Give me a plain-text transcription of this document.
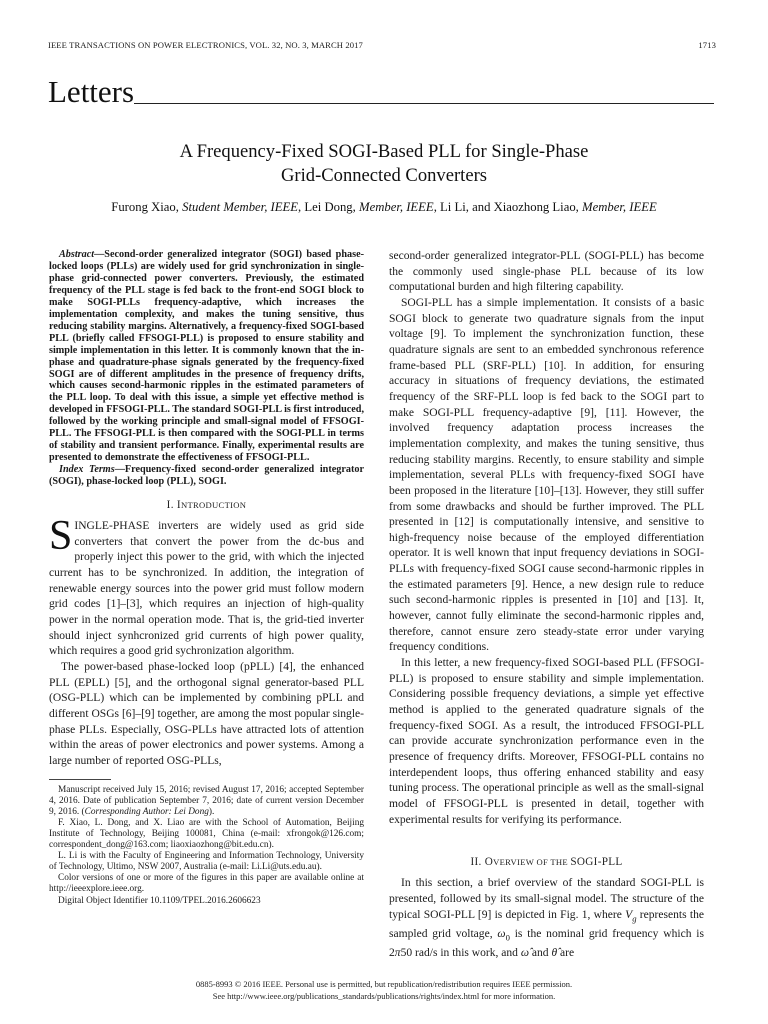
IEEE TRANSACTIONS ON POWER ELECTRONICS, VOL. 32, NO. 3, MARCH 2017	1713
Letters
A Frequency-Fixed SOGI-Based PLL for Single-Phase
Grid-Connected Converters
Furong Xiao, Student Member, IEEE, Lei Dong, Member, IEEE, Li Li, and Xiaozhong Liao, Member, IEEE

Abstract—Second-order generalized integrator (SOGI) based phase-locked loops (PLLs) are widely used for grid synchronization in single-phase grid-connected power converters. Previously, the estimated frequency of the PLL stage is fed back to the front-end SOGI block to make SOGI-PLLs frequency-adaptive, which increases the implementation complexity, and makes the tuning sensitive, thus reducing stability margins. Alternatively, a frequency-fixed SOGI-based PLL (briefly called FFSOGI-PLL) is proposed to ensure stability and simple implementation in this letter. It is commonly known that the in-phase and quadrature-phase signals generated by the frequency-fixed SOGI are of different amplitudes in the presence of frequency drifts, which causes second-harmonic ripples in the estimated parameters of the PLL loop. To deal with this issue, a simple yet effective method is developed in FFSOGI-PLL. The standard SOGI-PLL is first introduced, followed by the working principle and small-signal model of FFSOGI-PLL. The FFSOGI-PLL is then compared with the SOGI-PLL in terms of stability and transient performance. Finally, experimental results are presented to demonstrate the effectiveness of FFSOGI-PLL.

Index Terms—Frequency-fixed second-order generalized integrator (SOGI), phase-locked loop (PLL), SOGI.

I. INTRODUCTION

SINGLE-PHASE inverters are widely used as grid side converters that convert the power from the dc-bus and properly inject this power to the grid, with which the injected current has to be synchronized. In addition, the integration of renewable energy sources into the power grid must follow modern grid codes [1]–[3], which requires an injection of high-quality power in the normal operation mode. That is, the grid-tied inverter should inject synhcronized grid currents of high power quality, which requires a good grid sychronization algorithm.

The power-based phase-locked loop (pPLL) [4], the enhanced PLL (EPLL) [5], and the orthogonal signal generator-based PLL (OSG-PLL) which can be implemented by combining pPLL and different OSGs [6]–[9] together, are among the most popular single-phase PLLs. Especially, OSG-PLLs have attracted lots of attention within the areas of power electronics and power systems. Among a large number of reported OSG-PLLs,

Manuscript received July 15, 2016; revised August 17, 2016; accepted September 4, 2016. Date of publication September 7, 2016; date of current version December 9, 2016. (Corresponding Author: Lei Dong).

F. Xiao, L. Dong, and X. Liao are with the School of Automation, Beijing Institute of Technology, Beijing 100081, China (e-mail: xfrongok@126.com; correspondent_dong@163.com; liaoxiaozhong@bit.edu.cn).

L. Li is with the Faculty of Engineering and Information Technology, University of Technology, Ultimo, NSW 2007, Australia (e-mail: Li.Li@uts.edu.au).

Color versions of one or more of the figures in this paper are available online at http://ieeexplore.ieee.org.

Digital Object Identifier 10.1109/TPEL.2016.2606623

second-order generalized integrator-PLL (SOGI-PLL) has become the commonly used single-phase PLL because of its low computational burden and high filtering capability.

SOGI-PLL has a simple implementation. It consists of a basic SOGI block to generate two quadrature signals from the input voltage [9]. To implement the synchronization function, these quadrature signals are sent to an embedded synchronous reference frame-based PLL (SRF-PLL) [10]. In addition, for ensuring accuracy in situations of frequency deviations, the estimated frequency of the SRF-PLL loop is fed back to the SOGI part to make SOGI-PLL frequency-adaptive [9], [11]. However, the involved frequency adaptation process increases the implementation complexity, and makes the tuning sensitive, thus reducing stability margins. Recently, to ensure stability and simple implementation, several PLLs with frequency-fixed SOGI have been proposed in the literature [10]–[13]. However, they still suffer from some drawbacks and should be further improved. The PLL presented in [12] is computationally intensive, and sensitive to high-frequency noise because of the employed differentiation operator. It is well known that input frequency deviations in SOGI-PLLs with frequency-fixed SOGI cause second-harmonic ripples in the estimated parameters [9]. Hence, a new design rule to reduce such second-harmonic ripples is presented in [10] and [13]. It, however, cannot fully eliminate the second-harmonic ripples and, therefore, cannot ensure zero steady-state error under varying frequency conditions.

In this letter, a new frequency-fixed SOGI-based PLL (FFSOGI-PLL) is proposed to ensure stability and simple implementation. Considering possible frequency deviations, a simple yet effective method is applied to the generated quadrature signals of the frequency-fixed SOGI. As a result, the introduced FFSOGI-PLL can provide accurate synchronization performance even in the presence of frequency drifts. Moreover, FFSOGI-PLL contains no interdependent loops, thus offering enhanced stability and easy tuning process. The operational principle as well as the small-signal model of FFSOGI-PLL is presented in detail, together with experimental results for verifying its performance.

II. OVERVIEW OF THE SOGI-PLL

In this section, a brief overview of the standard SOGI-PLL is presented, followed by its small-signal model. The structure of the typical SOGI-PLL [9] is depicted in Fig. 1, where $V_g$ represents the sampled grid voltage, $\omega_0$ is the nominal grid frequency which is 2π50 rad/s in this work, and ω̂ and θ̂ are

0885-8993 © 2016 IEEE. Personal use is permitted, but republication/redistribution requires IEEE permission.
See http://www.ieee.org/publications_standards/publications/rights/index.html for more information.
